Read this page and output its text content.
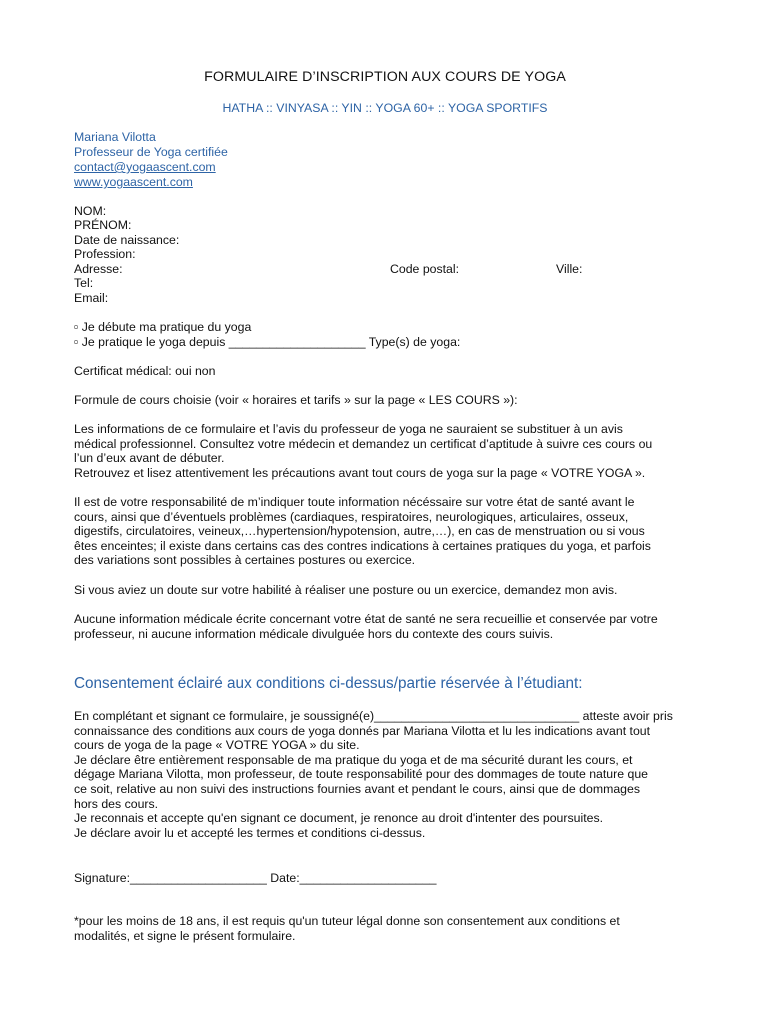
FORMULAIRE D’INSCRIPTION AUX COURS DE YOGA
HATHA :: VINYASA :: YIN :: YOGA 60+ :: YOGA SPORTIFS
Mariana Vilotta
Professeur de Yoga certifiée
contact@yogaascent.com
www.yogaascent.com
NOM:
PRÉNOM:
Date de naissance:
Profession:
Adresse:	Code postal:	Ville:
Tel:
Email:
▫ Je débute ma pratique du yoga
▫ Je pratique le yoga depuis ____________________ Type(s) de yoga:
Certificat médical: oui non
Formule de cours choisie (voir « horaires et tarifs » sur la page « LES COURS »):
Les informations de ce formulaire et l’avis du professeur de yoga ne sauraient se substituer à un avis
médical professionnel. Consultez votre médecin et demandez un certificat d’aptitude à suivre ces cours ou
l’un d’eux avant de débuter.
Retrouvez et lisez attentivement les précautions avant tout cours de yoga sur la page « VOTRE YOGA ».
Il est de votre responsabilité de m’indiquer toute information nécéssaire sur votre état de santé avant le
cours, ainsi que d’éventuels problèmes (cardiaques, respiratoires, neurologiques, articulaires, osseux,
digestifs, circulatoires, veineux,…hypertension/hypotension, autre,…), en cas de menstruation ou si vous
êtes enceintes; il existe dans certains cas des contres indications à certaines pratiques du yoga, et parfois
des variations sont possibles à certaines postures ou exercice.
Si vous aviez un doute sur votre habilité à réaliser une posture ou un exercice, demandez mon avis.
Aucune information médicale écrite concernant votre état de santé ne sera recueillie et conservée par votre
professeur, ni aucune information médicale divulguée hors du contexte des cours suivis.
Consentement éclairé aux conditions ci-dessus/partie réservée à l’étudiant:
En complétant et signant ce formulaire, je soussigné(e)______________________________ atteste avoir pris
connaissance des conditions aux cours de yoga donnés par Mariana Vilotta et lu les indications avant tout
cours de yoga de la page « VOTRE YOGA » du site.
Je déclare être entièrement responsable de ma pratique du yoga et de ma sécurité durant les cours, et
dégage Mariana Vilotta, mon professeur, de toute responsabilité pour des dommages de toute nature que
ce soit, relative au non suivi des instructions fournies avant et pendant le cours, ainsi que de dommages
hors des cours.
Je reconnais et accepte qu'en signant ce document, je renonce au droit d'intenter des poursuites.
Je déclare avoir lu et accepté les termes et conditions ci-dessus.
Signature:____________________ Date:____________________
*pour les moins de 18 ans, il est requis qu'un tuteur légal donne son consentement aux conditions et
modalités, et signe le présent formulaire.
